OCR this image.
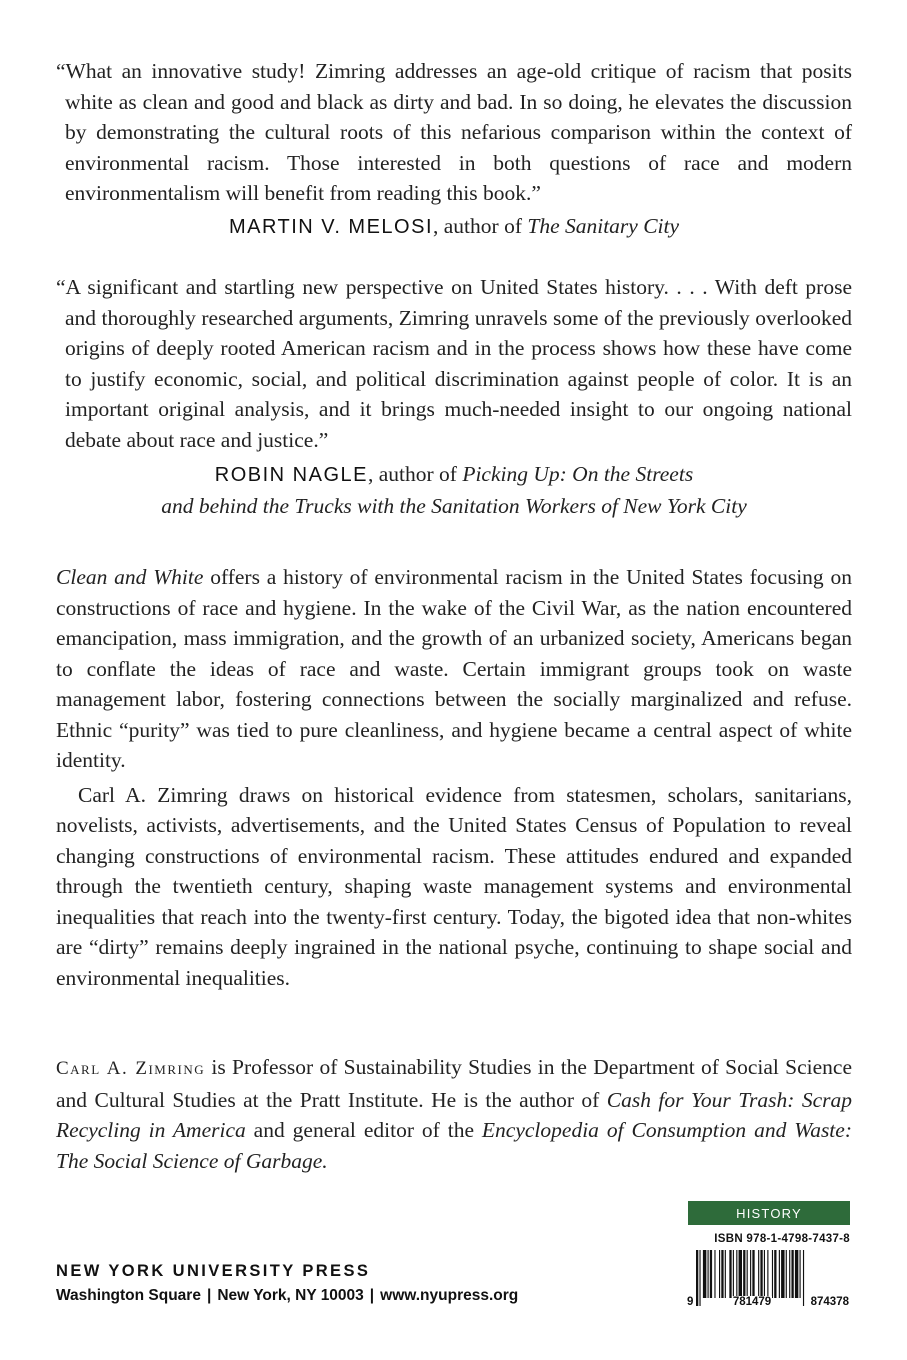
“What an innovative study! Zimring addresses an age-old critique of racism that posits white as clean and good and black as dirty and bad. In so doing, he elevates the discussion by demonstrating the cultural roots of this nefarious comparison within the context of environmental racism. Those interested in both questions of race and modern environmentalism will benefit from reading this book.”

MARTIN V. MELOSI, author of The Sanitary City

“A significant and startling new perspective on United States history. . . . With deft prose and thoroughly researched arguments, Zimring unravels some of the previously overlooked origins of deeply rooted American racism and in the process shows how these have come to justify economic, social, and political discrimination against people of color. It is an important original analysis, and it brings much-needed insight to our ongoing national debate about race and justice.”

ROBIN NAGLE, author of Picking Up: On the Streets
and behind the Trucks with the Sanitation Workers of New York City

Clean and White offers a history of environmental racism in the United States focusing on constructions of race and hygiene. In the wake of the Civil War, as the nation encountered emancipation, mass immigration, and the growth of an urbanized society, Americans began to conflate the ideas of race and waste. Certain immigrant groups took on waste management labor, fostering connections between the socially marginalized and refuse. Ethnic “purity” was tied to pure cleanliness, and hygiene became a central aspect of white identity.

Carl A. Zimring draws on historical evidence from statesmen, scholars, sanitarians, novelists, activists, advertisements, and the United States Census of Population to reveal changing constructions of environmental racism. These attitudes endured and expanded through the twentieth century, shaping waste management systems and environmental inequalities that reach into the twenty-first century. Today, the bigoted idea that non-whites are “dirty” remains deeply ingrained in the national psyche, continuing to shape social and environmental inequalities.

Carl A. Zimring is Professor of Sustainability Studies in the Department of Social Science and Cultural Studies at the Pratt Institute. He is the author of Cash for Your Trash: Scrap Recycling in America and general editor of the Encyclopedia of Consumption and Waste: The Social Science of Garbage.
NEW YORK UNIVERSITY PRESS
Washington Square | New York, NY 10003 | www.nyupress.org
HISTORY
ISBN 978-1-4798-7437-8
9	781479	874378
